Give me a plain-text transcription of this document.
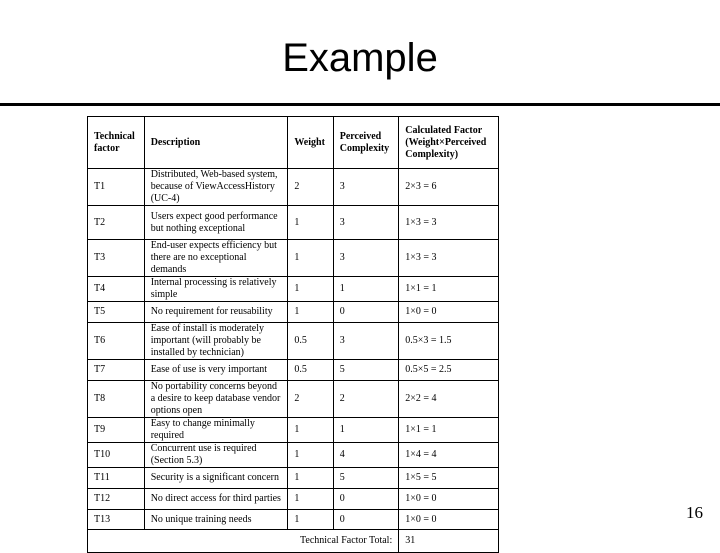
Example
Technical factor	Description	Weight	Perceived Complexity	Calculated Factor (Weight×Perceived Complexity)
T1	Distributed, Web-based system, because of ViewAccessHistory (UC-4)	2	3	2×3 = 6
T2	Users expect good performance but nothing exceptional	1	3	1×3 = 3
T3	End-user expects efficiency but there are no exceptional demands	1	3	1×3 = 3
T4	Internal processing is relatively simple	1	1	1×1 = 1
T5	No requirement for reusability	1	0	1×0 = 0
T6	Ease of install is moderately important (will probably be installed by technician)	0.5	3	0.5×3 = 1.5
T7	Ease of use is very important	0.5	5	0.5×5 = 2.5
T8	No portability concerns beyond a desire to keep database vendor options open	2	2	2×2 = 4
T9	Easy to change minimally required	1	1	1×1 = 1
T10	Concurrent use is required (Section 5.3)	1	4	1×4 = 4
T11	Security is a significant concern	1	5	1×5 = 5
T12	No direct access for third parties	1	0	1×0 = 0
T13	No unique training needs	1	0	1×0 = 0
Technical Factor Total:				31
16
